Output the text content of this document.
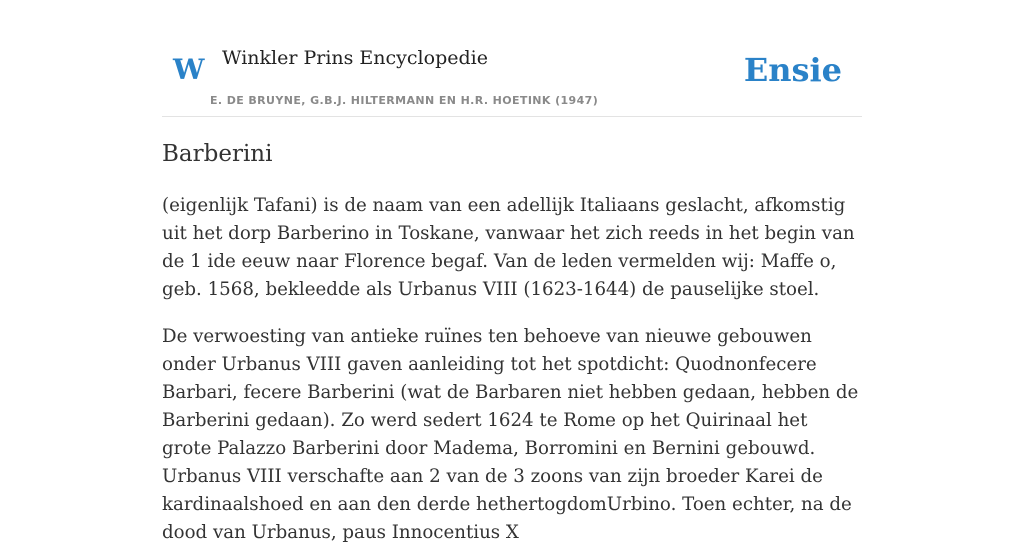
W Winkler Prins Encyclopedie
E. DE BRUYNE, G.B.J. HILTERMANN EN H.R. HOETINK (1947)
Ensie
Barberini

(eigenlijk Tafani) is de naam van een adellijk Italiaans geslacht, afkomstig uit het dorp Barberino in Toskane, vanwaar het zich reeds in het begin van de 1 ide eeuw naar Florence begaf. Van de leden vermelden wij: Maffe o, geb. 1568, bekleedde als Urbanus VIII (1623-1644) de pauselijke stoel.

De verwoesting van antieke ruïnes ten behoeve van nieuwe gebouwen onder Urbanus VIII gaven aanleiding tot het spotdicht: Quodnonfecere Barbari, fecere Barberini (wat de Barbaren niet hebben gedaan, hebben de Barberini gedaan). Zo werd sedert 1624 te Rome op het Quirinaal het grote Palazzo Barberini door Madema, Borromini en Bernini gebouwd. Urbanus VIII verschafte aan 2 van de 3 zoons van zijn broeder Karei de kardinaalshoed en aan den derde hethertogdomUrbino. Toen echter, na de dood van Urbanus, paus Innocentius X
